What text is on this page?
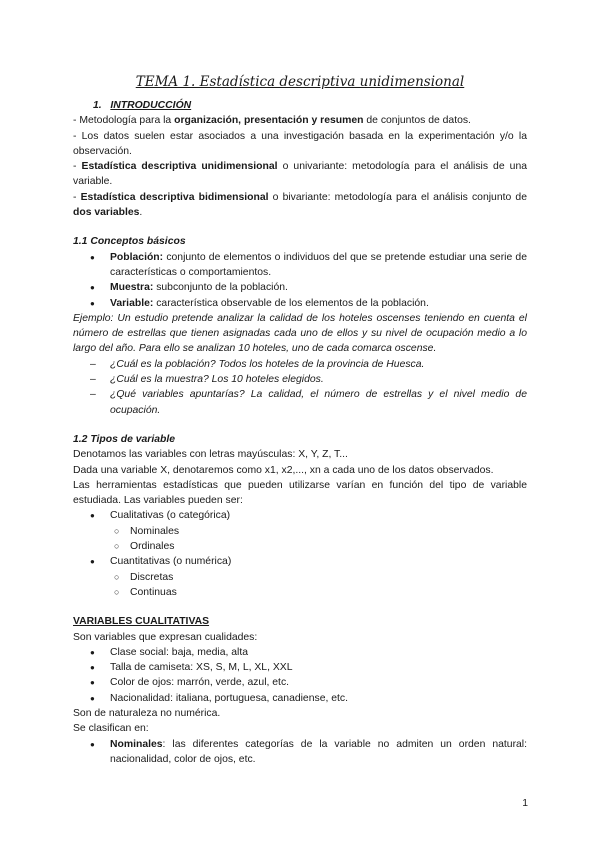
TEMA 1. Estadística descriptiva unidimensional

1. INTRODUCCIÓN

- Metodología para la organización, presentación y resumen de conjuntos de datos.

- Los datos suelen estar asociados a una investigación basada en la experimentación y/o la observación.

- Estadística descriptiva unidimensional o univariante: metodología para el análisis de una variable.

- Estadística descriptiva bidimensional o bivariante: metodología para el análisis conjunto de dos variables.

1.1 Conceptos básicos

● Población: conjunto de elementos o individuos del que se pretende estudiar una serie de características o comportamientos.
● Muestra: subconjunto de la población.
● Variable: característica observable de los elementos de la población.

Ejemplo: Un estudio pretende analizar la calidad de los hoteles oscenses teniendo en cuenta el número de estrellas que tienen asignadas cada uno de ellos y su nivel de ocupación medio a lo largo del año. Para ello se analizan 10 hoteles, uno de cada comarca oscense.

– ¿Cuál es la población? Todos los hoteles de la provincia de Huesca.
– ¿Cuál es la muestra? Los 10 hoteles elegidos.
– ¿Qué variables apuntarías? La calidad, el número de estrellas y el nivel medio de ocupación.

1.2 Tipos de variable

Denotamos las variables con letras mayúsculas: X, Y, Z, T...

Dada una variable X, denotaremos como x1, x2,..., xn a cada uno de los datos observados.

Las herramientas estadísticas que pueden utilizarse varían en función del tipo de variable estudiada. Las variables pueden ser:

● Cualitativas (o categórica)
○ Nominales
○ Ordinales
● Cuantitativas (o numérica)
○ Discretas
○ Continuas

VARIABLES CUALITATIVAS

Son variables que expresan cualidades:

● Clase social: baja, media, alta
● Talla de camiseta: XS, S, M, L, XL, XXL
● Color de ojos: marrón, verde, azul, etc.
● Nacionalidad: italiana, portuguesa, canadiense, etc.

Son de naturaleza no numérica.

Se clasifican en:

● Nominales: las diferentes categorías de la variable no admiten un orden natural: nacionalidad, color de ojos, etc.
1
